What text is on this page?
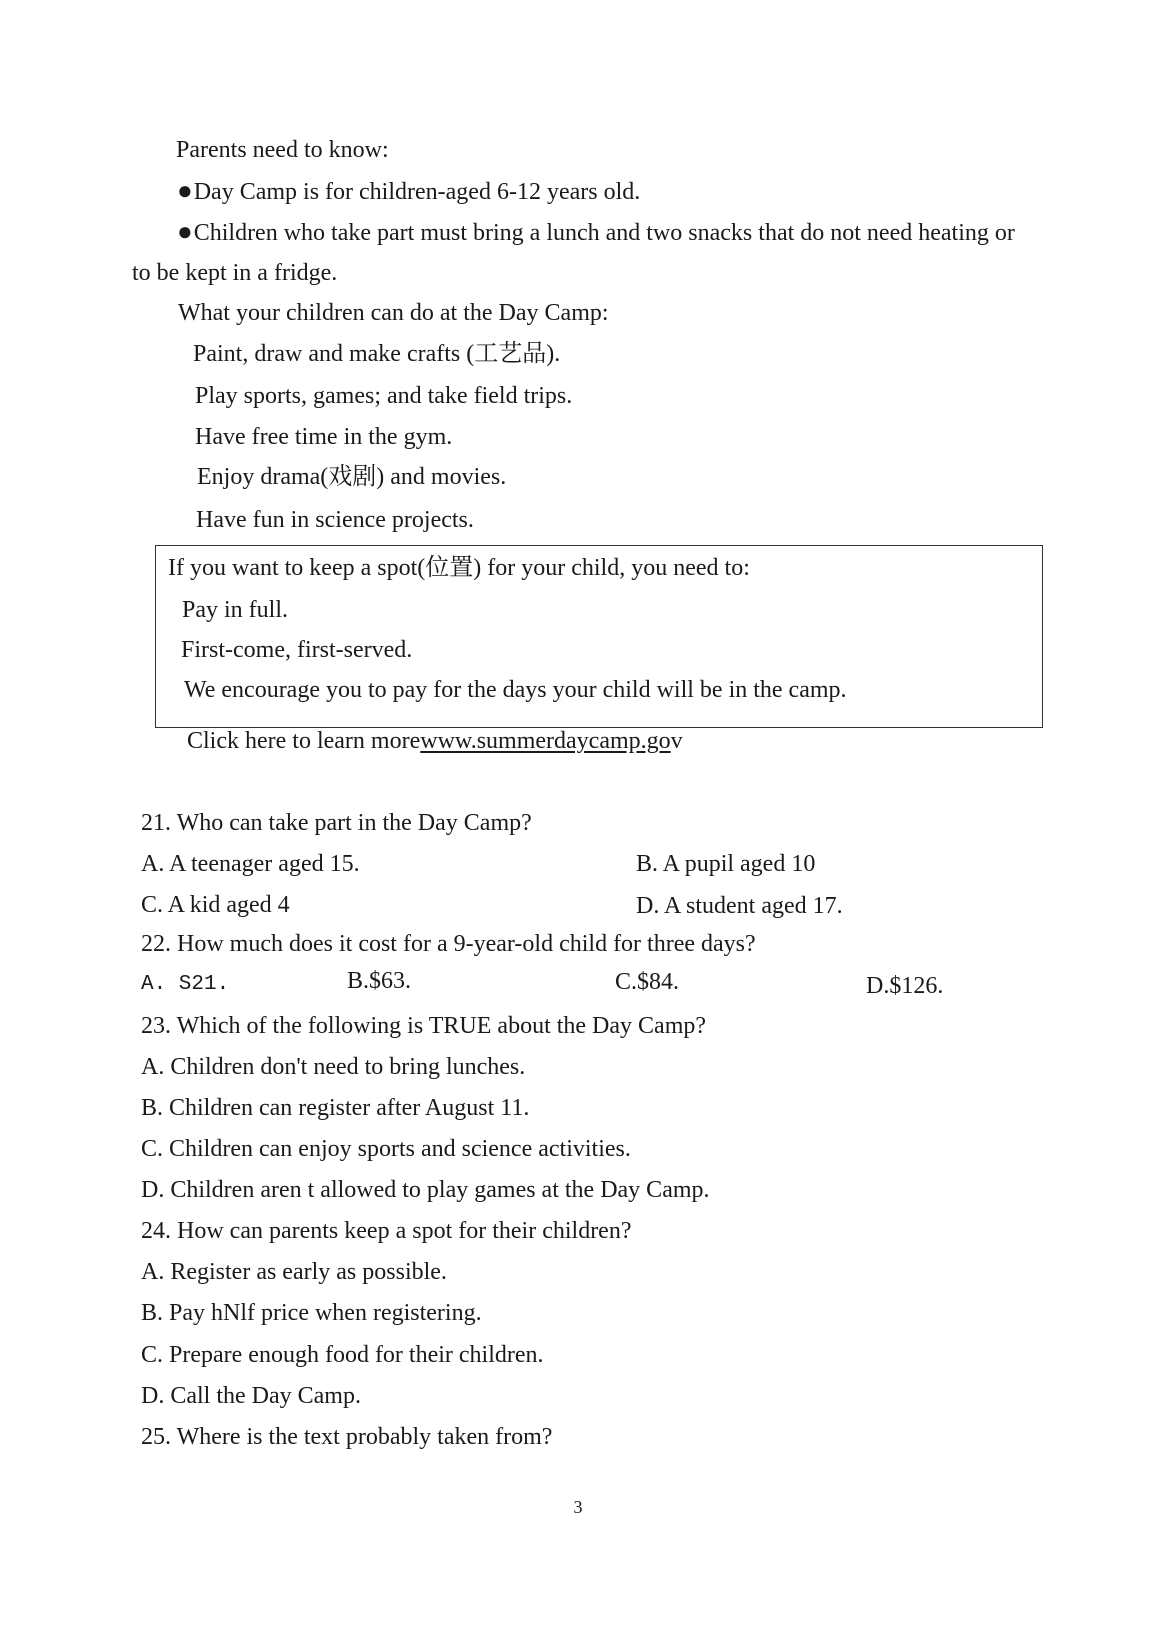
Parents need to know:
●Day Camp is for children-aged 6-12 years old.
●Children who take part must bring a lunch and two snacks that do not need heating or
to be kept in a fridge.
What your children can do at the Day Camp:
Paint, draw and make crafts (工艺品).
Play sports, games; and take field trips.
Have free time in the gym.
Enjoy drama(戏剧) and movies.
Have fun in science projects.
If you want to keep a spot(位置) for your child, you need to:
Pay in full.
First-come, first-served.
We encourage you to pay for the days your child will be in the camp.
Click here to learn morewww.summerdaycamp.gov
21. Who can take part in the Day Camp?
A. A teenager aged 15.	B. A pupil aged 10
C. A kid aged 4	D. A student aged 17.
22. How much does it cost for a 9-year-old child for three days?
A. S21.	B.$63.	C.$84.	D.$126.
23. Which of the following is TRUE about the Day Camp?
A. Children don't need to bring lunches.
B. Children can register after August 11.
C. Children can enjoy sports and science activities.
D. Children aren t allowed to play games at the Day Camp.
24. How can parents keep a spot for their children?
A. Register as early as possible.
B. Pay hNlf price when registering.
C. Prepare enough food for their children.
D. Call the Day Camp.
25. Where is the text probably taken from?
3
